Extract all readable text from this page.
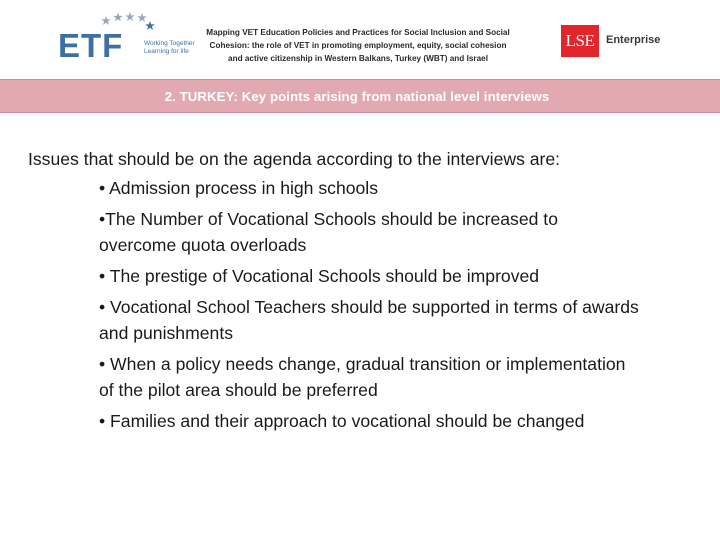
ETF	Working Together Learning for life
Mapping VET Education Policies and Practices for Social Inclusion and Social
Cohesion: the role of VET in promoting employment, equity, social cohesion
and active citizenship in Western Balkans, Turkey (WBT) and Israel
LSE	Enterprise
2. TURKEY: Key points arising from national level interviews

Issues that should be on the agenda according to the interviews are:

• Admission process in high schools
•The Number of Vocational Schools should be increased to overcome quota overloads
• The prestige of Vocational Schools should be improved
• Vocational School Teachers should be supported in terms of awards and punishments
• When a policy needs change, gradual transition or implementation of the pilot area should be preferred
• Families and their approach to vocational should be changed
